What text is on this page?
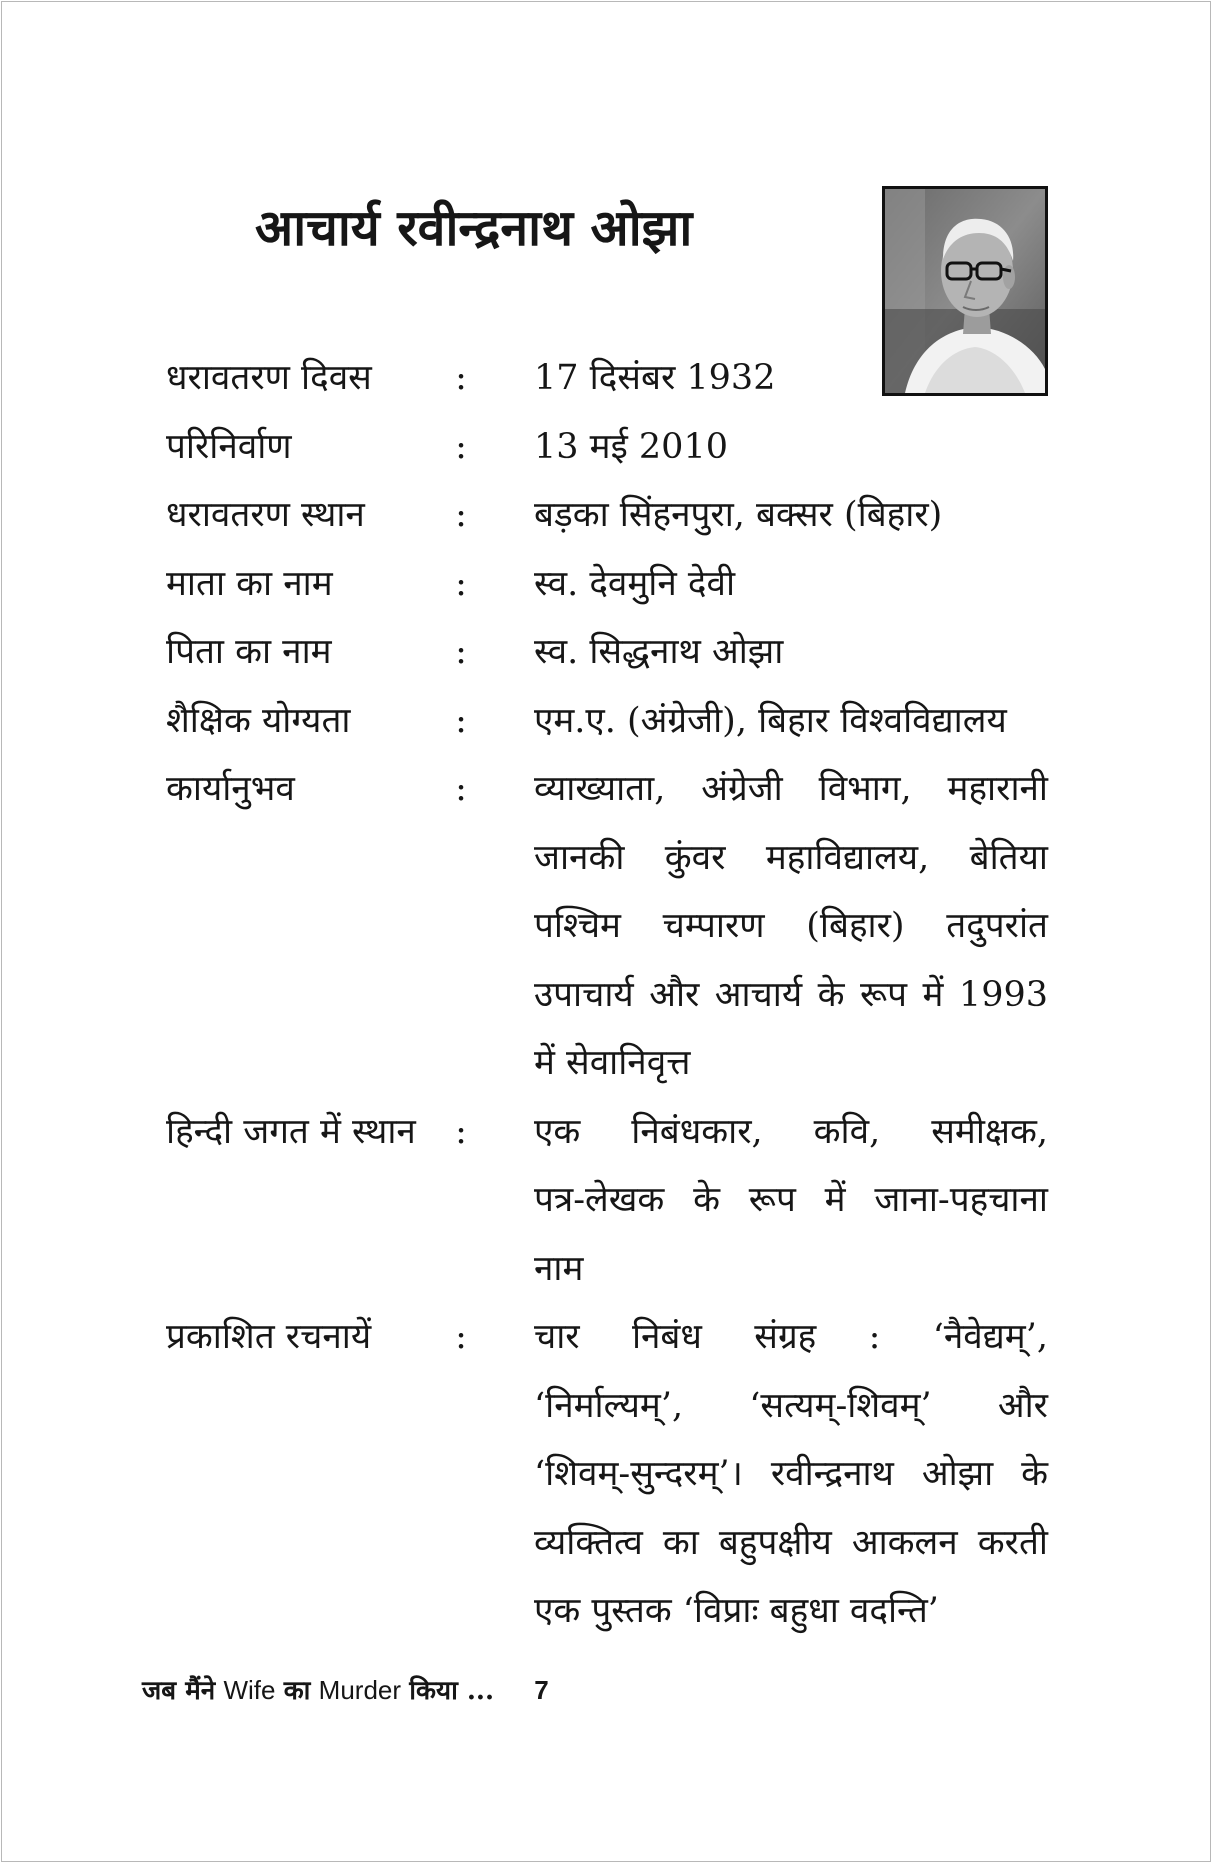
आचार्य रवीन्द्रनाथ ओझा
धरावतरण दिवस : 17 दिसंबर 1932
परिनिर्वाण	: 13 मई 2010
धरावतरण स्थान	: बड़का सिंहनपुरा, बक्सर (बिहार)
माता का नाम	: स्व. देवमुनि देवी
पिता का नाम	: स्व. सिद्धनाथ ओझा
शैक्षिक योग्यता	: एम.ए. (अंग्रेजी), बिहार विश्वविद्यालय
कार्यानुभव	: व्याख्याता, अंग्रेजी विभाग, महारानी
जानकी कुंवर महाविद्यालय, बेतिया
पश्चिम चम्पारण (बिहार) तदुपरांत
उपाचार्य और आचार्य के रूप में 1993
में सेवानिवृत्त
हिन्दी जगत में स्थान : एक निबंधकार, कवि, समीक्षक,
पत्र-लेखक के रूप में जाना-पहचाना
नाम
प्रकाशित रचनायें : चार निबंध संग्रह : ‘नैवेद्यम्’,
‘निर्माल्यम्’, ‘सत्यम्-शिवम्’ और
‘शिवम्-सुन्दरम्’। रवीन्द्रनाथ ओझा के
व्यक्तित्व का बहुपक्षीय आकलन करती
एक पुस्तक ‘विप्राः बहुधा वदन्ति’
जब मैंने Wife का Murder किया ... 7
